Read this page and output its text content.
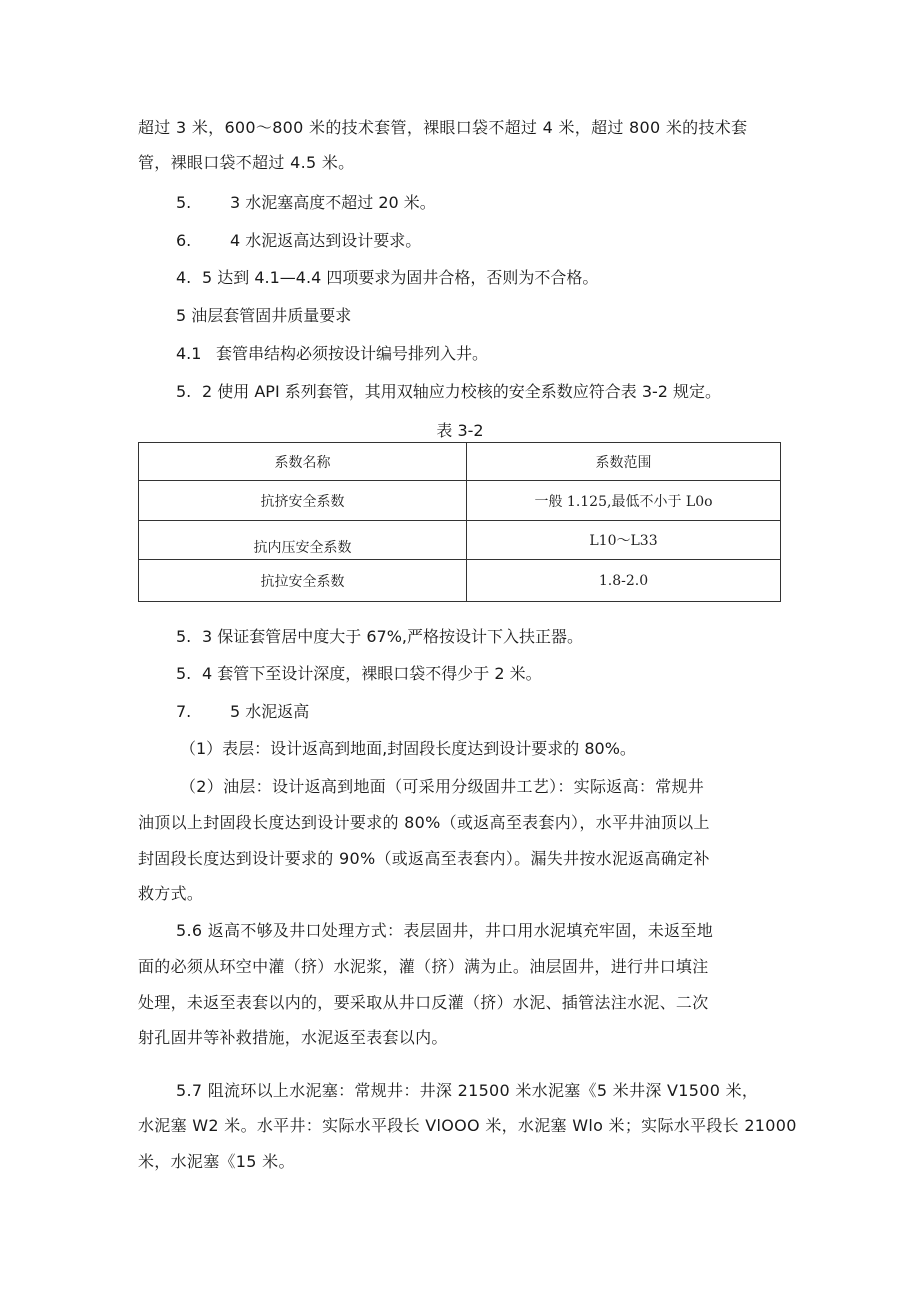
超过 3 米，600～800 米的技术套管，裸眼口袋不超过 4 米，超过 800 米的技术套
管，裸眼口袋不超过 4.5 米。
5. 3 水泥塞高度不超过 20 米。
6. 4 水泥返高达到设计要求。
4. 5 达到 4.1—4.4 四项要求为固井合格，否则为不合格。
5 油层套管固井质量要求
4.1 套管串结构必须按设计编号排列入井。
5. 2 使用 API 系列套管，其用双轴应力校核的安全系数应符合表 3-2 规定。
表 3-2
系数名称	系数范围
抗挤安全系数	一般 1.125,最低不小于 L0o
抗内压安全系数	L10～L33
抗拉安全系数	1.8-2.0
5. 3 保证套管居中度大于 67%,严格按设计下入扶正器。
5. 4 套管下至设计深度，裸眼口袋不得少于 2 米。
7. 5 水泥返高
（1）表层：设计返高到地面,封固段长度达到设计要求的 80%。
（2）油层：设计返高到地面（可采用分级固井工艺）：实际返高：常规井
油顶以上封固段长度达到设计要求的 80%（或返高至表套内），水平井油顶以上
封固段长度达到设计要求的 90%（或返高至表套内）。漏失井按水泥返高确定补
救方式。
5.6 返高不够及井口处理方式：表层固井，井口用水泥填充牢固，未返至地
面的必须从环空中灌（挤）水泥浆，灌（挤）满为止。油层固井，进行井口填注
处理，未返至表套以内的，要采取从井口反灌（挤）水泥、插管法注水泥、二次
射孔固井等补救措施，水泥返至表套以内。
5.7 阻流环以上水泥塞：常规井：井深 21500 米水泥塞《5 米井深 V1500 米，
水泥塞 W2 米。水平井：实际水平段长 VlOOO 米，水泥塞 Wlo 米；实际水平段长 21000
米，水泥塞《15 米。
